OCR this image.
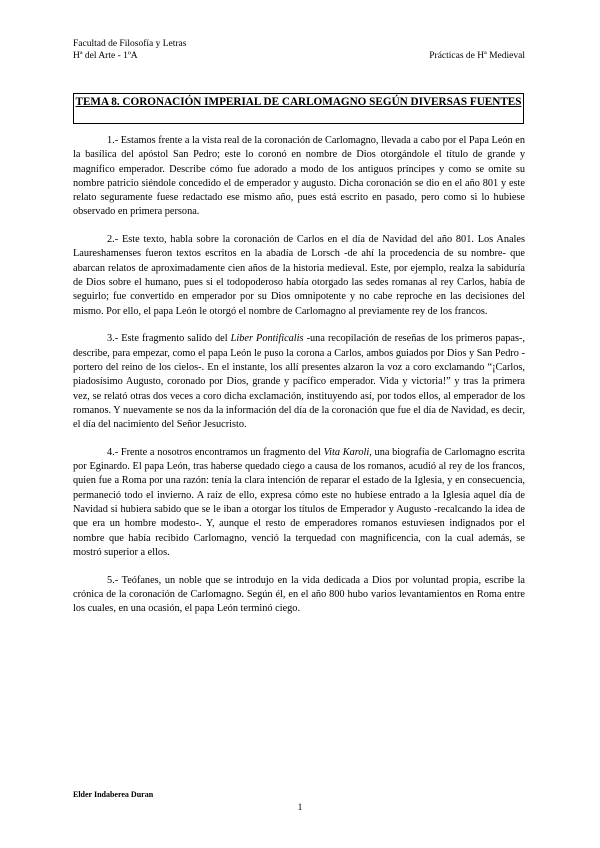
Facultad de Filosofía y Letras
Hª del Arte - 1ºA	Prácticas de Hª Medieval
TEMA 8. CORONACIÓN IMPERIAL DE CARLOMAGNO SEGÚN DIVERSAS FUENTES

1.- Estamos frente a la vista real de la coronación de Carlomagno, llevada a cabo por el Papa León en la basílica del apóstol San Pedro; este lo coronó en nombre de Dios otorgándole el título de grande y magnífico emperador. Describe cómo fue adorado a modo de los antiguos príncipes y como se omite su nombre patricio siéndole concedido el de emperador y augusto. Dicha coronación se dio en el año 801 y este relato seguramente fuese redactado ese mismo año, pues está escrito en pasado, pero como si lo hubiese observado en primera persona.

2.- Este texto, habla sobre la coronación de Carlos en el día de Navidad del año 801. Los Anales Laureshamenses fueron textos escritos en la abadía de Lorsch -de ahí la procedencia de su nombre- que abarcan relatos de aproximadamente cien años de la historia medieval. Este, por ejemplo, realza la sabiduría de Dios sobre el humano, pues si el todopoderoso había otorgado las sedes romanas al rey Carlos, había de seguirlo; fue convertido en emperador por su Dios omnipotente y no cabe reproche en las decisiones del mismo. Por ello, el papa León le otorgó el nombre de Carlomagno al previamente rey de los francos.

3.- Este fragmento salido del Liber Pontificalis -una recopilación de reseñas de los primeros papas-, describe, para empezar, como el papa León le puso la corona a Carlos, ambos guiados por Dios y San Pedro -portero del reino de los cielos-. En el instante, los allí presentes alzaron la voz a coro exclamando “¡Carlos, piadosísimo Augusto, coronado por Dios, grande y pacífico emperador. Vida y victoria!” y tras la primera vez, se relató otras dos veces a coro dicha exclamación, instituyendo así, por todos ellos, al emperador de los romanos. Y nuevamente se nos da la información del día de la coronación que fue el día de Navidad, es decir, el día del nacimiento del Señor Jesucristo.

4.- Frente a nosotros encontramos un fragmento del Vita Karoli, una biografía de Carlomagno escrita por Eginardo. El papa León, tras haberse quedado ciego a causa de los romanos, acudió al rey de los francos, quien fue a Roma por una razón: tenía la clara intención de reparar el estado de la Iglesia, y en consecuencia, permaneció todo el invierno. A raíz de ello, expresa cómo este no hubiese entrado a la Iglesia aquel día de Navidad si hubiera sabido que se le iban a otorgar los títulos de Emperador y Augusto -recalcando la idea de que era un hombre modesto-. Y, aunque el resto de emperadores romanos estuviesen indignados por el nombre que había recibido Carlomagno, venció la terquedad con magnificencia, con la cual además, se mostró superior a ellos.

5.- Teófanes, un noble que se introdujo en la vida dedicada a Dios por voluntad propia, escribe la crónica de la coronación de Carlomagno. Según él, en el año 800 hubo varios levantamientos en Roma entre los cuales, en una ocasión, el papa León terminó ciego.

Elder Indaberea Duran
1
